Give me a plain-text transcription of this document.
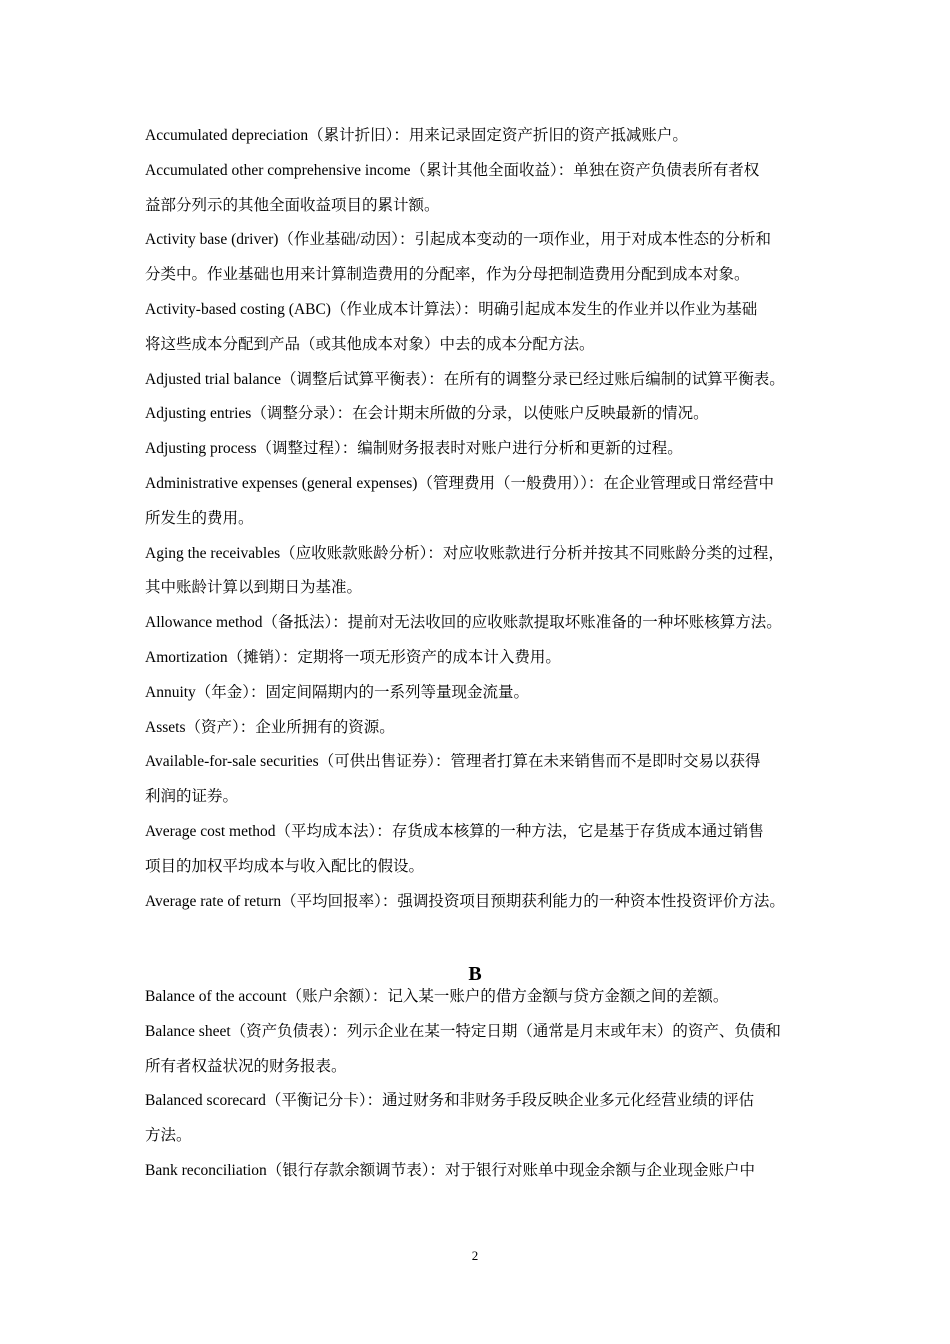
Accumulated depreciation（累计折旧）：用来记录固定资产折旧的资产抵减账户。
Accumulated other comprehensive income（累计其他全面收益）：单独在资产负债表所有者权
益部分列示的其他全面收益项目的累计额。
Activity base (driver)（作业基础/动因）：引起成本变动的一项作业，用于对成本性态的分析和
分类中。作业基础也用来计算制造费用的分配率，作为分母把制造费用分配到成本对象。
Activity-based costing (ABC)（作业成本计算法）：明确引起成本发生的作业并以作业为基础
将这些成本分配到产品（或其他成本对象）中去的成本分配方法。
Adjusted trial balance（调整后试算平衡表）：在所有的调整分录已经过账后编制的试算平衡表。
Adjusting entries（调整分录）：在会计期末所做的分录，以使账户反映最新的情况。
Adjusting process（调整过程）：编制财务报表时对账户进行分析和更新的过程。
Administrative expenses (general expenses)（管理费用（一般费用））：在企业管理或日常经营中
所发生的费用。
Aging the receivables（应收账款账龄分析）：对应收账款进行分析并按其不同账龄分类的过程，
其中账龄计算以到期日为基准。
Allowance method（备抵法）：提前对无法收回的应收账款提取坏账准备的一种坏账核算方法。
Amortization（摊销）：定期将一项无形资产的成本计入费用。
Annuity（年金）：固定间隔期内的一系列等量现金流量。
Assets（资产）：企业所拥有的资源。
Available-for-sale securities（可供出售证券）：管理者打算在未来销售而不是即时交易以获得
利润的证券。
Average cost method（平均成本法）：存货成本核算的一种方法，它是基于存货成本通过销售
项目的加权平均成本与收入配比的假设。
Average rate of return（平均回报率）：强调投资项目预期获利能力的一种资本性投资评价方法。
B
Balance of the account（账户余额）：记入某一账户的借方金额与贷方金额之间的差额。
Balance sheet（资产负债表）：列示企业在某一特定日期（通常是月末或年末）的资产、负债和
所有者权益状况的财务报表。
Balanced scorecard（平衡记分卡）：通过财务和非财务手段反映企业多元化经营业绩的评估
方法。
Bank reconciliation（银行存款余额调节表）：对于银行对账单中现金余额与企业现金账户中
2
